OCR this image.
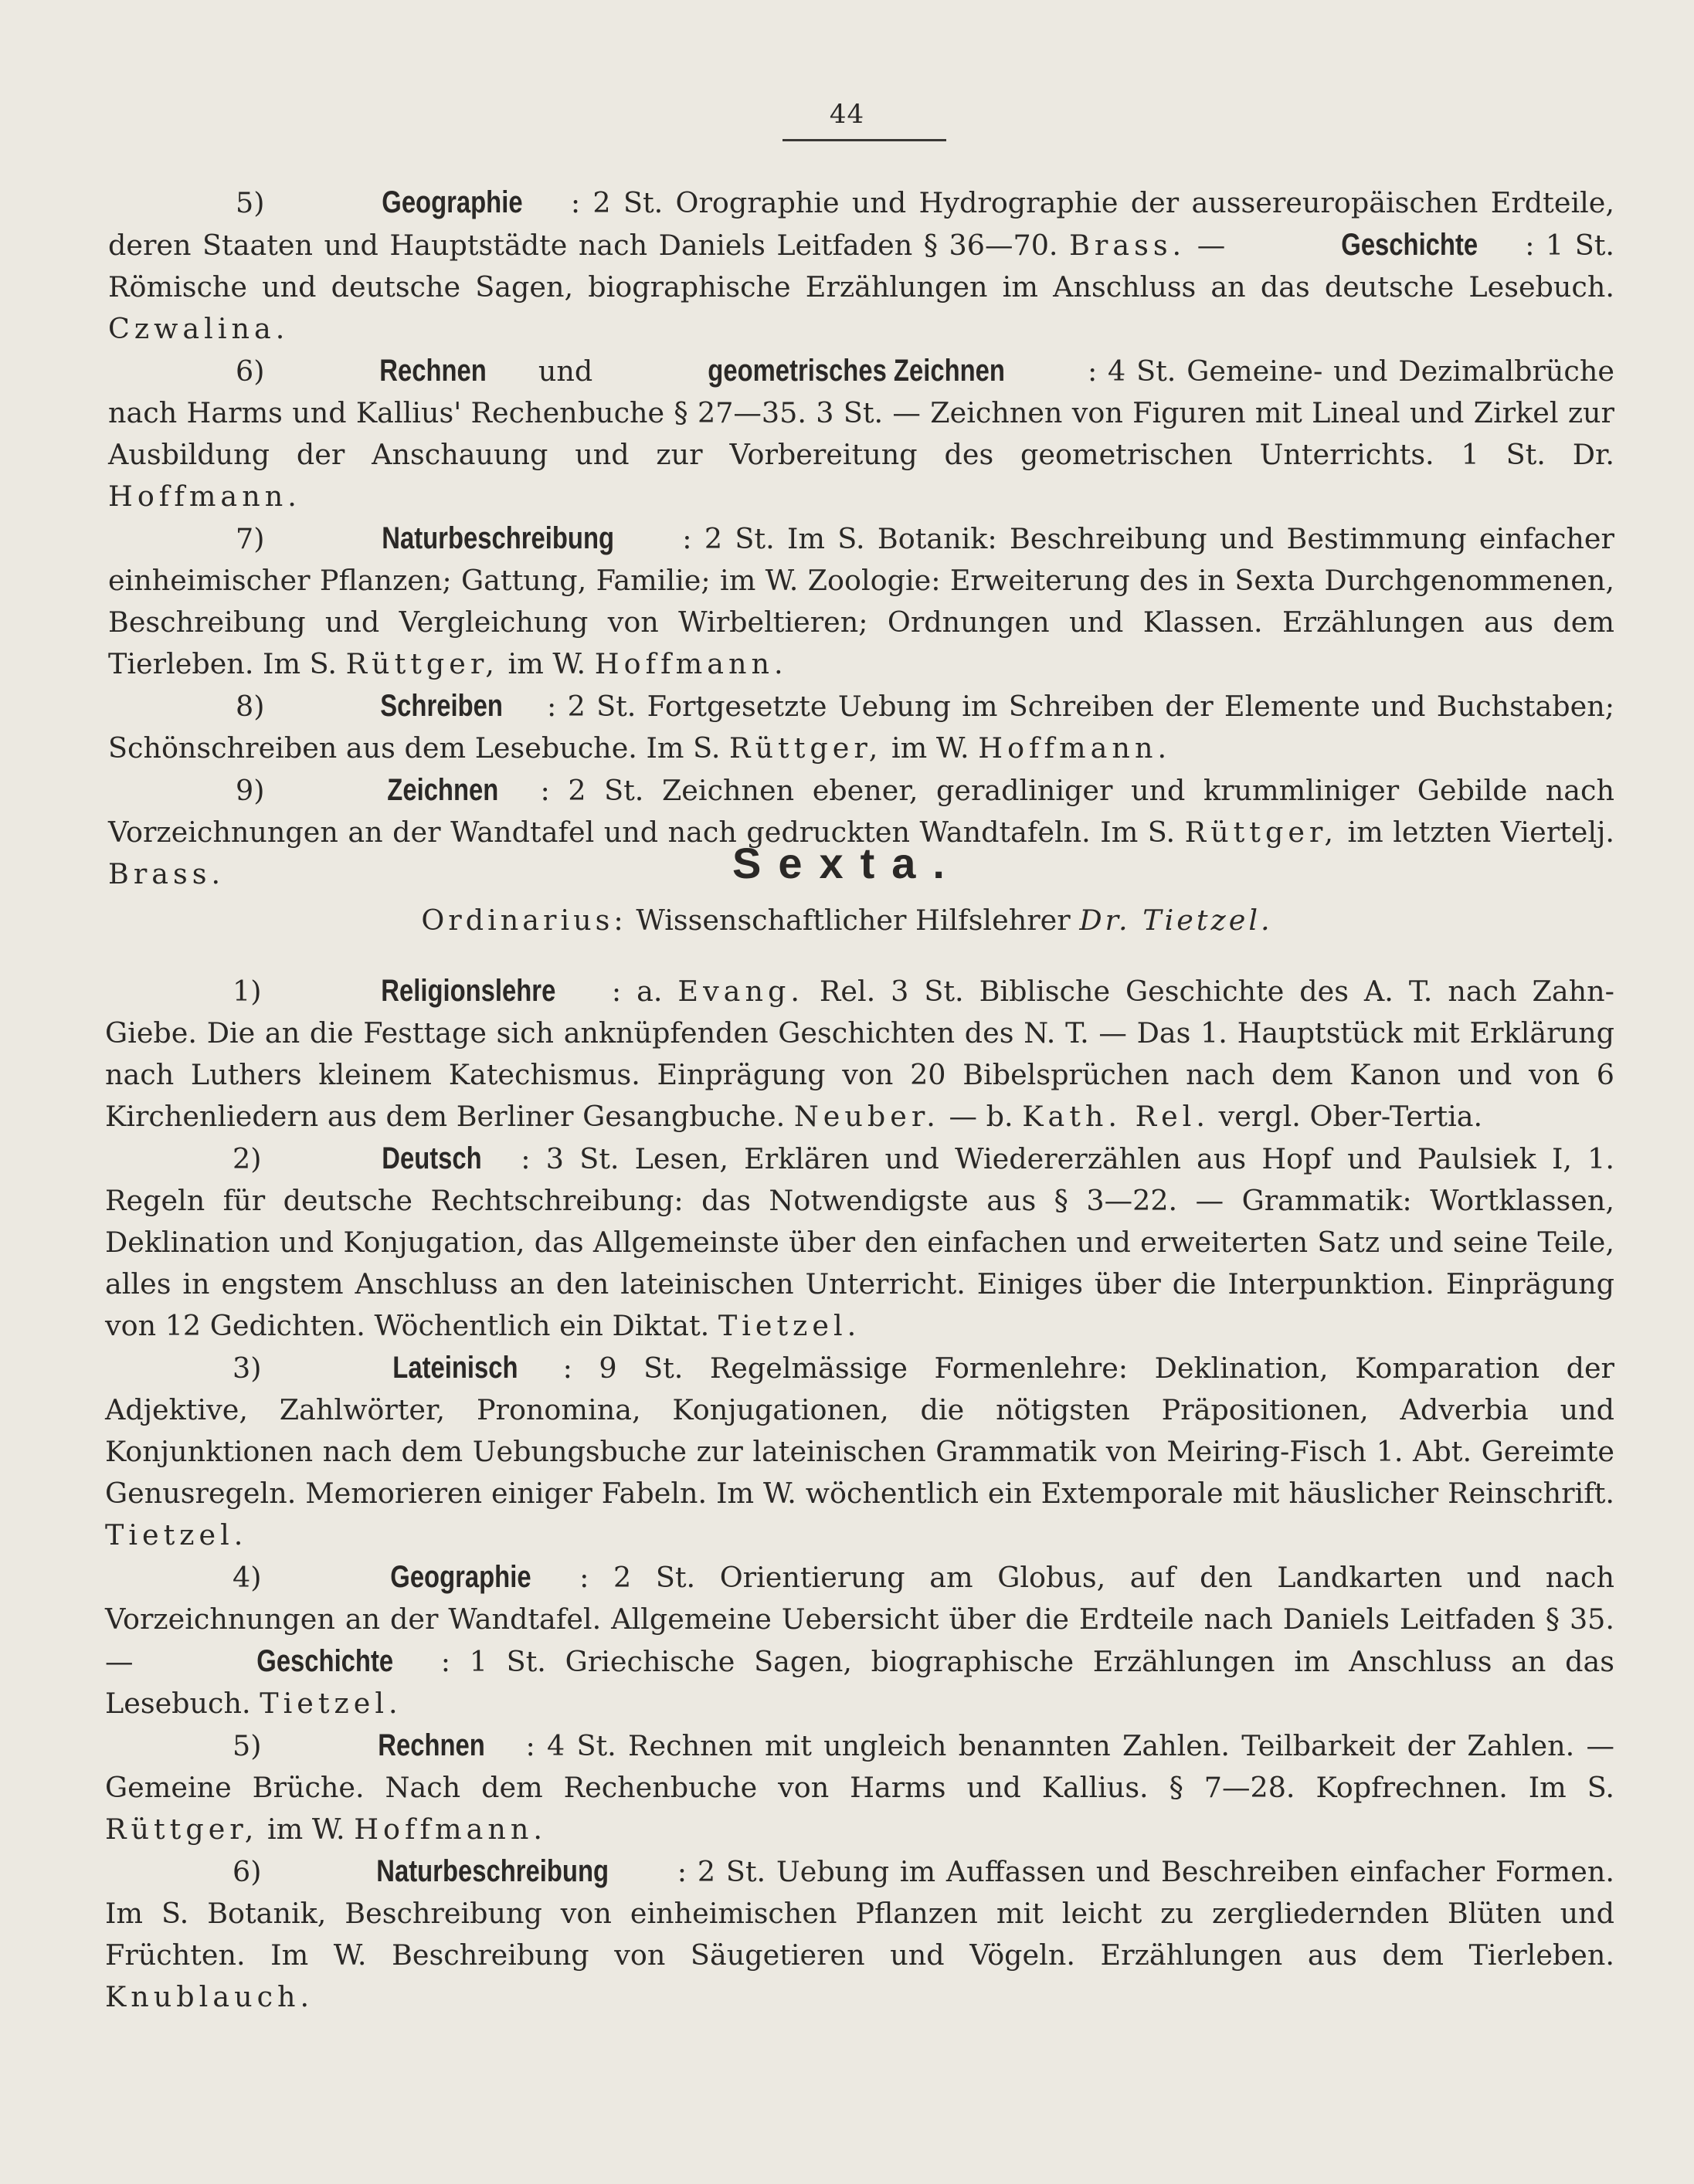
44

5)	Geographie : 2 St. Orographie und Hydrographie der aussereuropäischen Erdteile, deren Staaten und Hauptstädte nach Daniels Leitfaden § 36—70. Brass. —	Geschichte : 1 St. Römische und deutsche Sagen, biographische Erzählungen im Anschluss an das deutsche Lesebuch. Czwalina.

6)	Rechnen und	geometrisches Zeichnen	: 4 St. Gemeine- und Dezimalbrüche nach Harms und Kallius' Rechenbuche § 27—35. 3 St. — Zeichnen von Figuren mit Lineal und Zirkel zur Ausbildung der Anschauung und zur Vorbereitung des geometrischen Unterrichts. 1 St. Dr. Hoffmann.

7)	Naturbeschreibung : 2 St. Im S. Botanik: Beschreibung und Bestimmung einfacher einheimischer Pflanzen; Gattung, Familie; im W. Zoologie: Erweiterung des in Sexta Durchgenommenen, Beschreibung und Vergleichung von Wirbeltieren; Ordnungen und Klassen. Erzählungen aus dem Tierleben. Im S. Rüttger, im W. Hoffmann.

8)	Schreiben : 2 St. Fortgesetzte Uebung im Schreiben der Elemente und Buchstaben; Schönschreiben aus dem Lesebuche. Im S. Rüttger, im W. Hoffmann.

9)	Zeichnen : 2 St. Zeichnen ebener, geradliniger und krummliniger Gebilde nach Vorzeichnungen an der Wandtafel und nach gedruckten Wandtafeln. Im S. Rüttger, im letzten Viertelj. Brass.	Sexta.
Ordinarius: Wissenschaftlicher Hilfslehrer Dr. Tietzel.

1)	Religionslehre : a. Evang. Rel. 3 St. Biblische Geschichte des A. T. nach Zahn-Giebe. Die an die Festtage sich anknüpfenden Geschichten des N. T. — Das 1. Hauptstück mit Erklärung nach Luthers kleinem Katechismus. Einprägung von 20 Bibelsprüchen nach dem Kanon und von 6 Kirchenliedern aus dem Berliner Gesangbuche. Neuber. — b. Kath. Rel. vergl. Ober-Tertia.

2)	Deutsch : 3 St. Lesen, Erklären und Wiedererzählen aus Hopf und Paulsiek I, 1. Regeln für deutsche Rechtschreibung: das Notwendigste aus § 3—22. — Grammatik: Wortklassen, Deklination und Konjugation, das Allgemeinste über den einfachen und erweiterten Satz und seine Teile, alles in engstem Anschluss an den lateinischen Unterricht. Einiges über die Interpunktion. Einprägung von 12 Gedichten. Wöchentlich ein Diktat. Tietzel.

3)	Lateinisch : 9 St. Regelmässige Formenlehre: Deklination, Komparation der Adjektive, Zahlwörter, Pronomina, Konjugationen, die nötigsten Präpositionen, Adverbia und Konjunktionen nach dem Uebungsbuche zur lateinischen Grammatik von Meiring-Fisch 1. Abt. Gereimte Genusregeln. Memorieren einiger Fabeln. Im W. wöchentlich ein Extemporale mit häuslicher Reinschrift. Tietzel.

4)	Geographie : 2 St. Orientierung am Globus, auf den Landkarten und nach Vorzeichnungen an der Wandtafel. Allgemeine Uebersicht über die Erdteile nach Daniels Leitfaden § 35. —	Geschichte : 1 St. Griechische Sagen, biographische Erzählungen im Anschluss an das Lesebuch. Tietzel.

5)	Rechnen : 4 St. Rechnen mit ungleich benannten Zahlen. Teilbarkeit der Zahlen. — Gemeine Brüche. Nach dem Rechenbuche von Harms und Kallius. § 7—28. Kopfrechnen. Im S. Rüttger, im W. Hoffmann.

6)	Naturbeschreibung : 2 St. Uebung im Auffassen und Beschreiben einfacher Formen. Im S. Botanik, Beschreibung von einheimischen Pflanzen mit leicht zu zergliedernden Blüten und Früchten. Im W. Beschreibung von Säugetieren und Vögeln. Erzählungen aus dem Tierleben. Knublauch.
